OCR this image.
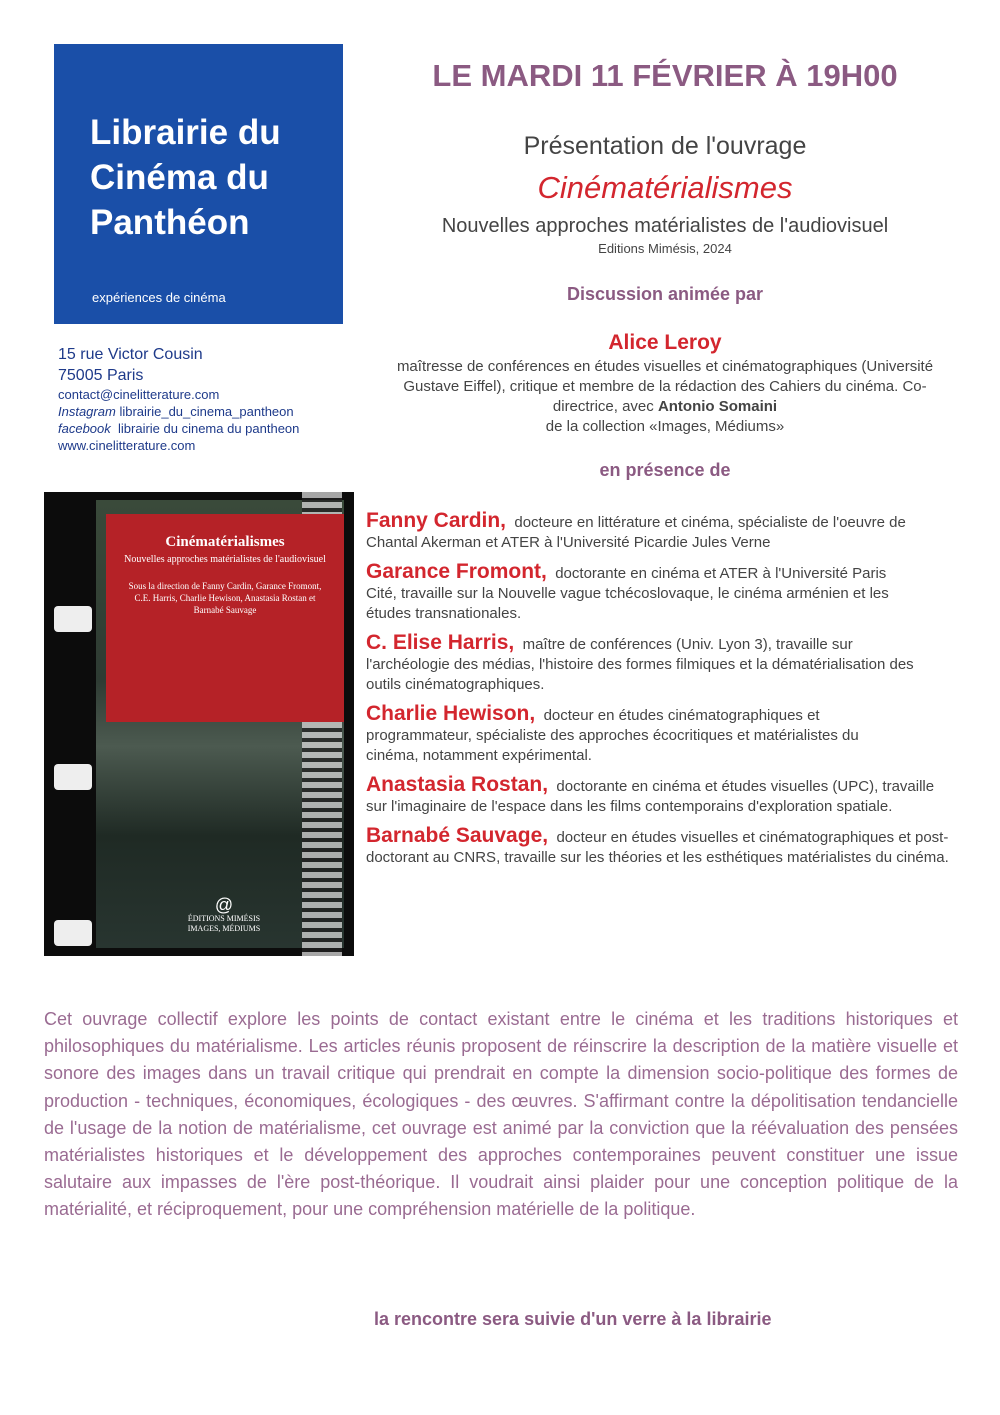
Librairie du Cinéma du Panthéon
expériences de cinéma
15 rue Victor Cousin
75005 Paris
contact@cinelitterature.com
Instagram librairie_du_cinema_pantheon
facebook librairie du cinema du pantheon
www.cinelitterature.com
Cinématérialismes
Nouvelles approches matérialistes de l'audiovisuel
Sous la direction de Fanny Cardin, Garance Fromont, C.E. Harris, Charlie Hewison, Anastasia Rostan et Barnabé Sauvage
@
ÉDITIONS MIMÉSIS
IMAGES, MÉDIUMS
LE MARDI 11 FÉVRIER À 19H00
Présentation de l'ouvrage
Cinématérialismes
Nouvelles approches matérialistes de l'audiovisuel
Editions Mimésis, 2024
Discussion animée par
Alice Leroy
maîtresse de conférences en études visuelles et cinématographiques (Université Gustave Eiffel), critique et membre de la rédaction des Cahiers du cinéma. Co-directrice, avec Antonio Somaini
de la collection «Images, Médiums»
en présence de
Fanny Cardin, docteure en littérature et cinéma, spécialiste de l'oeuvre de Chantal Akerman et ATER à l'Université Picardie Jules Verne
Garance Fromont, doctorante en cinéma et ATER à l'Université Paris Cité, travaille sur la Nouvelle vague tchécoslovaque, le cinéma arménien et les études transnationales.
C. Elise Harris, maître de conférences (Univ. Lyon 3), travaille sur l'archéologie des médias, l'histoire des formes filmiques et la dématérialisation des outils cinématographiques.
Charlie Hewison, docteur en études cinématographiques et programmateur, spécialiste des approches écocritiques et matérialistes du cinéma, notamment expérimental.
Anastasia Rostan, doctorante en cinéma et études visuelles (UPC), travaille sur l'imaginaire de l'espace dans les films contemporains d'exploration spatiale.
Barnabé Sauvage, docteur en études visuelles et cinématographiques et post-doctorant au CNRS, travaille sur les théories et les esthétiques matérialistes du cinéma.
Cet ouvrage collectif explore les points de contact existant entre le cinéma et les traditions historiques et philosophiques du matérialisme. Les articles réunis proposent de réinscrire la description de la matière visuelle et sonore des images dans un travail critique qui prendrait en compte la dimension socio-politique des formes de production - techniques, économiques, écologiques - des œuvres. S'affirmant contre la dépolitisation tendancielle de l'usage de la notion de matérialisme, cet ouvrage est animé par la conviction que la réévaluation des pensées matérialistes historiques et le développement des approches contemporaines peuvent constituer une issue salutaire aux impasses de l'ère post-théorique. Il voudrait ainsi plaider pour une conception politique de la matérialité, et réciproquement, pour une compréhension matérielle de la politique.
la rencontre sera suivie d'un verre à la librairie
